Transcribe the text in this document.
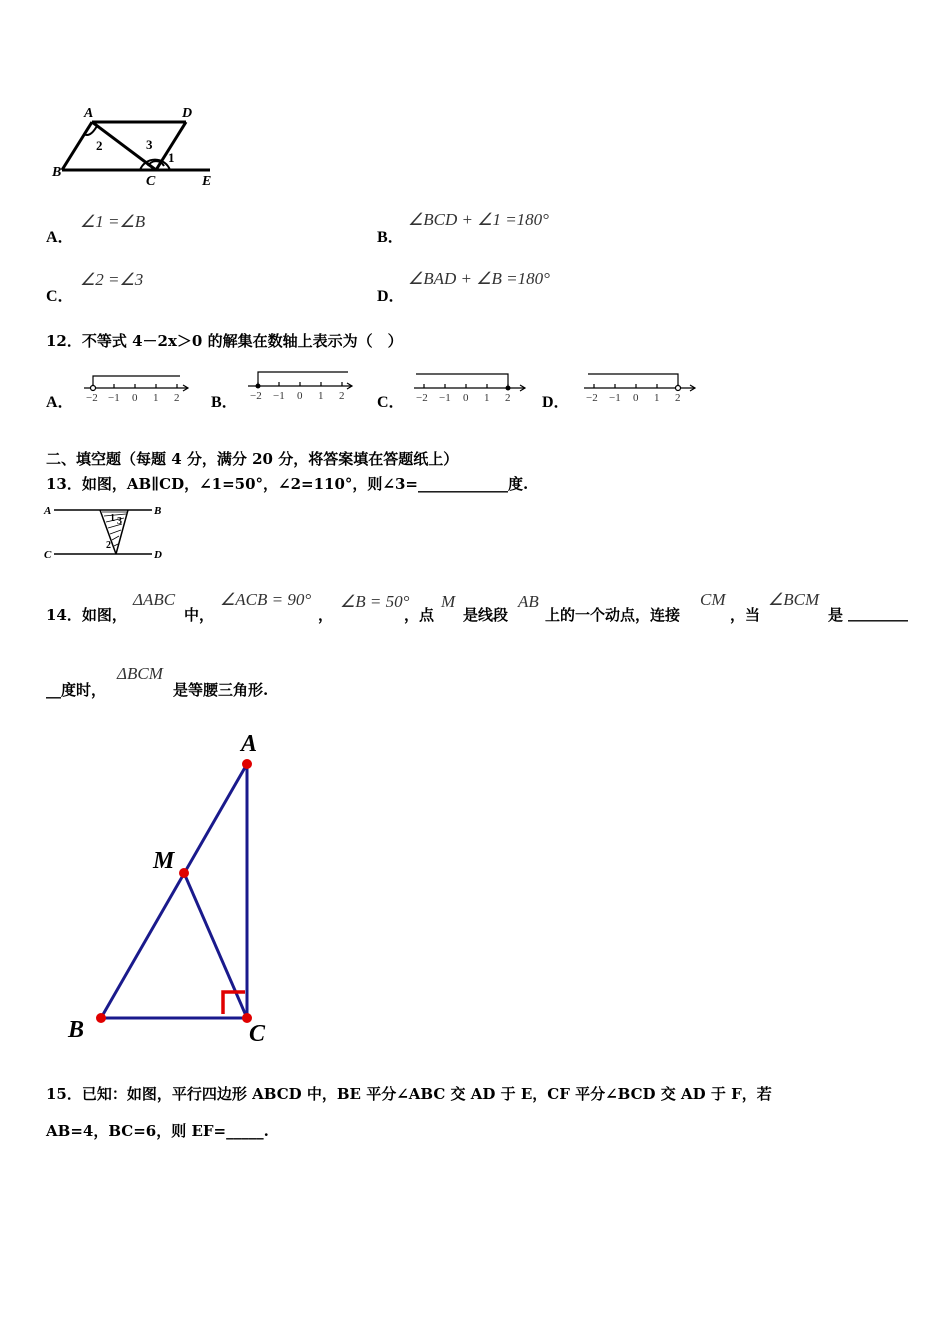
A	D
B
C	E
1
2	3
A．
∠1 =∠B
B．
∠BCD + ∠1 =180°
C．
∠2 =∠3
D．
∠BAD + ∠B =180°
12．不等式 4－2x＞0 的解集在数轴上表示为（　）
A． −2 −1 0 1 2 B． −2 −1 0 1 2 C． −2 −1 0 1 2 D． −2 −1 0 1 2
二、填空题（每题 4 分，满分 20 分，将答案填在答题纸上）
13．如图，AB∥CD，∠1=50°，∠2=110°，则∠3=____________度.
A	B
C	D
1
2
3
14．如图，
ΔABC
中，
∠ACB = 90°
，
∠B = 50°
，点
M
是线段
AB
上的一个动点，连接
CM
，当
∠BCM
是 ________
__度时，
ΔBCM
是等腰三角形.
A
M
B	C
15．已知：如图，平行四边形 ABCD 中，BE 平分∠ABC 交 AD 于 E，CF 平分∠BCD 交 AD 于 F，若
AB=4，BC=6，则 EF=_____.
